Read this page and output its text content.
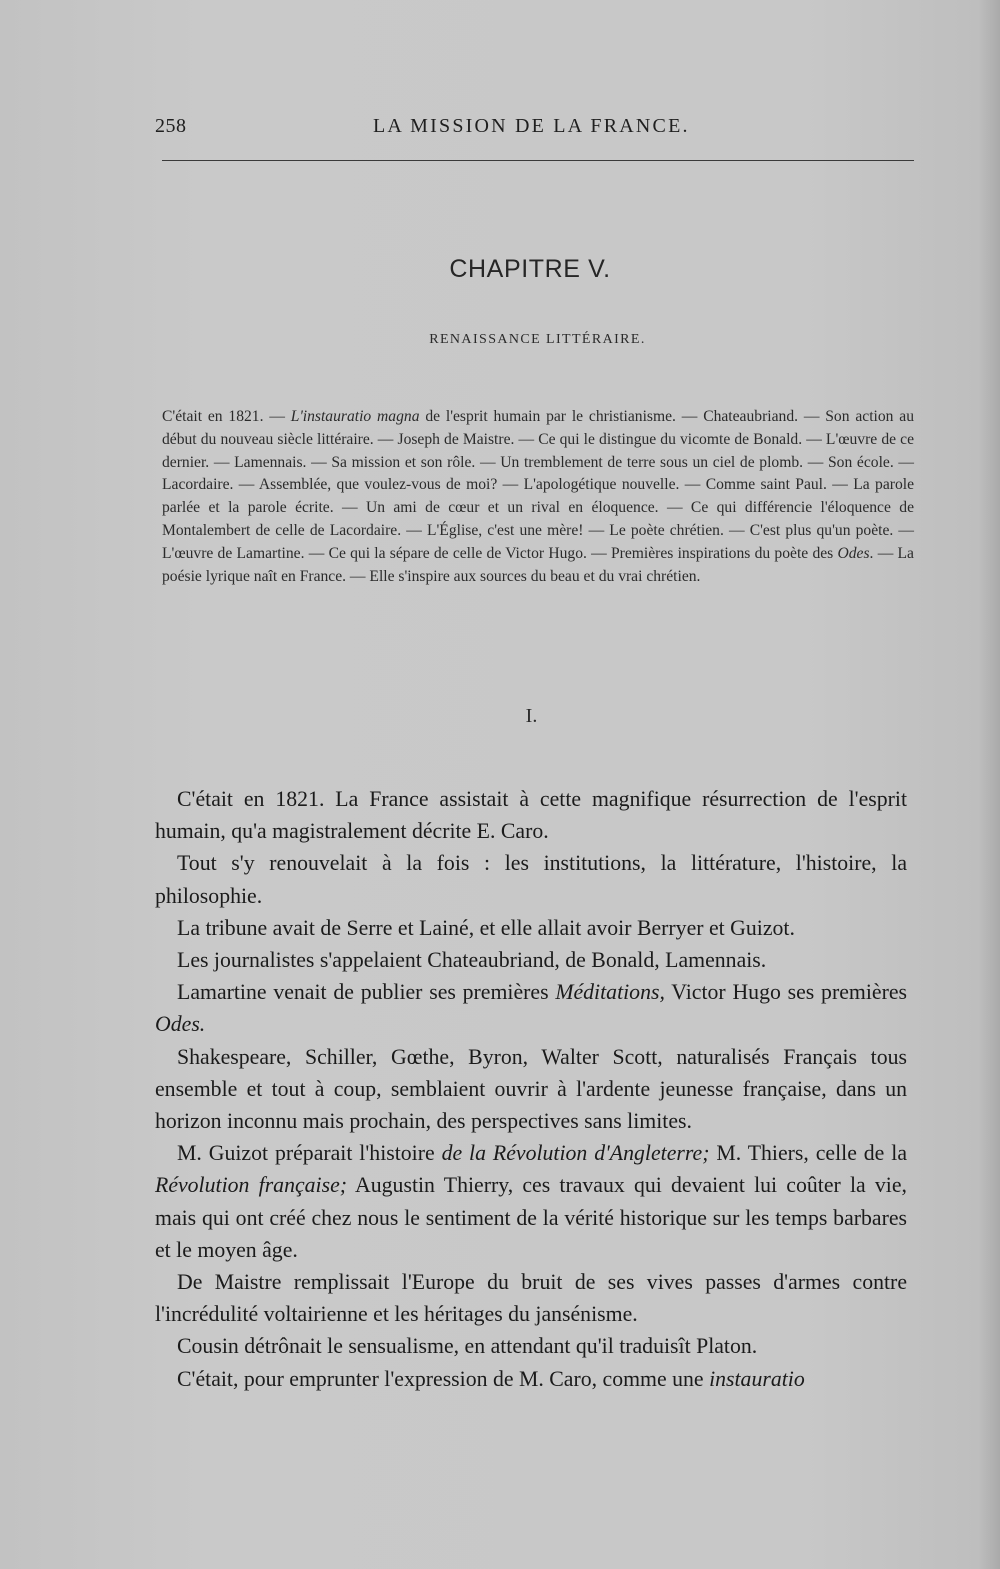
258	LA MISSION DE LA FRANCE.
CHAPITRE V.
RENAISSANCE LITTÉRAIRE.
C'était en 1821. — L'instauratio magna de l'esprit humain par le christianisme. — Chateaubriand. — Son action au début du nouveau siècle littéraire. — Joseph de Maistre. — Ce qui le distingue du vicomte de Bonald. — L'œuvre de ce dernier. — Lamennais. — Sa mission et son rôle. — Un tremblement de terre sous un ciel de plomb. — Son école. — Lacordaire. — Assemblée, que voulez-vous de moi? — L'apologétique nouvelle. — Comme saint Paul. — La parole parlée et la parole écrite. — Un ami de cœur et un rival en éloquence. — Ce qui différencie l'éloquence de Montalembert de celle de Lacordaire. — L'Église, c'est une mère! — Le poète chrétien. — C'est plus qu'un poète. — L'œuvre de Lamartine. — Ce qui la sépare de celle de Victor Hugo. — Premières inspirations du poète des Odes. — La poésie lyrique naît en France. — Elle s'inspire aux sources du beau et du vrai chrétien.
I.

C'était en 1821. La France assistait à cette magnifique résurrection de l'esprit humain, qu'a magistralement décrite E. Caro.

Tout s'y renouvelait à la fois : les institutions, la littérature, l'histoire, la philosophie.

La tribune avait de Serre et Lainé, et elle allait avoir Berryer et Guizot.

Les journalistes s'appelaient Chateaubriand, de Bonald, Lamennais.

Lamartine venait de publier ses premières Méditations, Victor Hugo ses premières Odes.

Shakespeare, Schiller, Gœthe, Byron, Walter Scott, naturalisés Français tous ensemble et tout à coup, semblaient ouvrir à l'ardente jeunesse française, dans un horizon inconnu mais prochain, des perspectives sans limites.

M. Guizot préparait l'histoire de la Révolution d'Angleterre; M. Thiers, celle de la Révolution française; Augustin Thierry, ces travaux qui devaient lui coûter la vie, mais qui ont créé chez nous le sentiment de la vérité historique sur les temps barbares et le moyen âge.

De Maistre remplissait l'Europe du bruit de ses vives passes d'armes contre l'incrédulité voltairienne et les héritages du jansénisme.

Cousin détrônait le sensualisme, en attendant qu'il traduisît Platon.

C'était, pour emprunter l'expression de M. Caro, comme une instauratio
